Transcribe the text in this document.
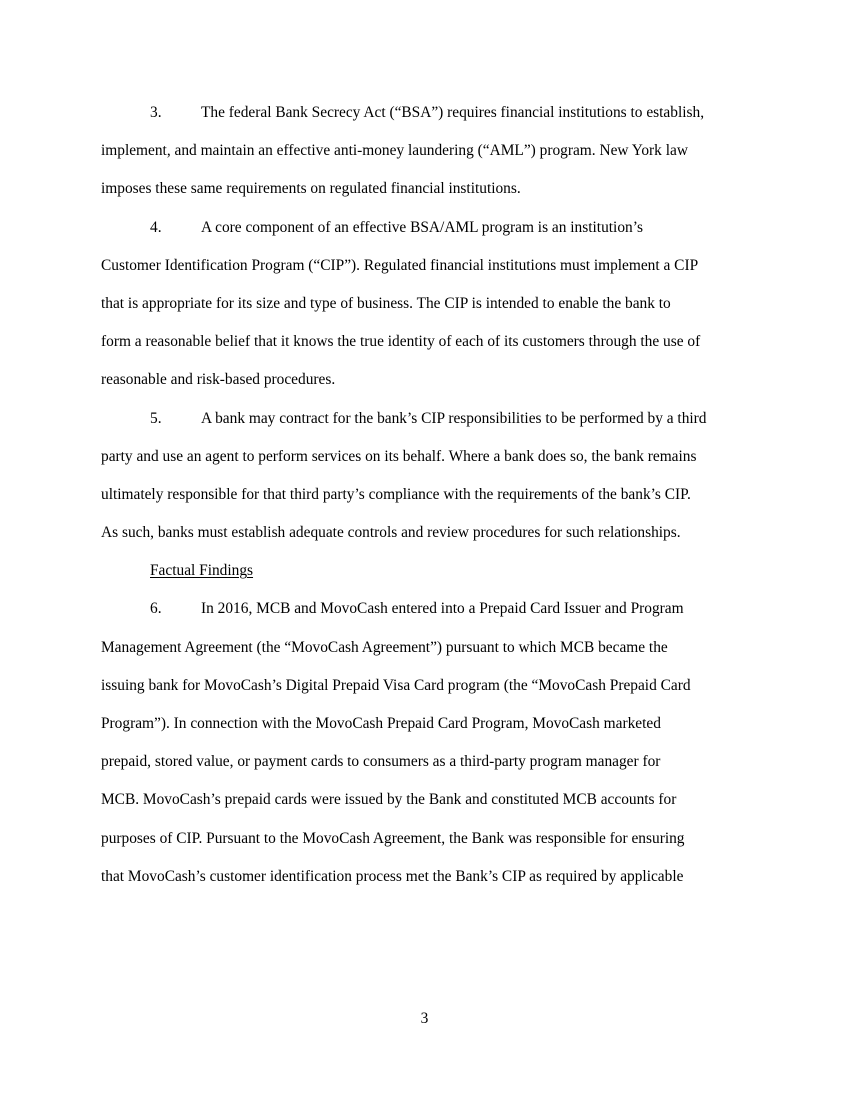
3.	The federal Bank Secrecy Act (“BSA”) requires financial institutions to establish,
implement, and maintain an effective anti-money laundering (“AML”) program. New York law
imposes these same requirements on regulated financial institutions.
4.	A core component of an effective BSA/AML program is an institution’s
Customer Identification Program (“CIP”). Regulated financial institutions must implement a CIP
that is appropriate for its size and type of business. The CIP is intended to enable the bank to
form a reasonable belief that it knows the true identity of each of its customers through the use of
reasonable and risk-based procedures.
5.	A bank may contract for the bank’s CIP responsibilities to be performed by a third
party and use an agent to perform services on its behalf. Where a bank does so, the bank remains
ultimately responsible for that third party’s compliance with the requirements of the bank’s CIP.
As such, banks must establish adequate controls and review procedures for such relationships.
Factual Findings
6.	In 2016, MCB and MovoCash entered into a Prepaid Card Issuer and Program
Management Agreement (the “MovoCash Agreement”) pursuant to which MCB became the
issuing bank for MovoCash’s Digital Prepaid Visa Card program (the “MovoCash Prepaid Card
Program”). In connection with the MovoCash Prepaid Card Program, MovoCash marketed
prepaid, stored value, or payment cards to consumers as a third-party program manager for
MCB. MovoCash’s prepaid cards were issued by the Bank and constituted MCB accounts for
purposes of CIP. Pursuant to the MovoCash Agreement, the Bank was responsible for ensuring
that MovoCash’s customer identification process met the Bank’s CIP as required by applicable
3
